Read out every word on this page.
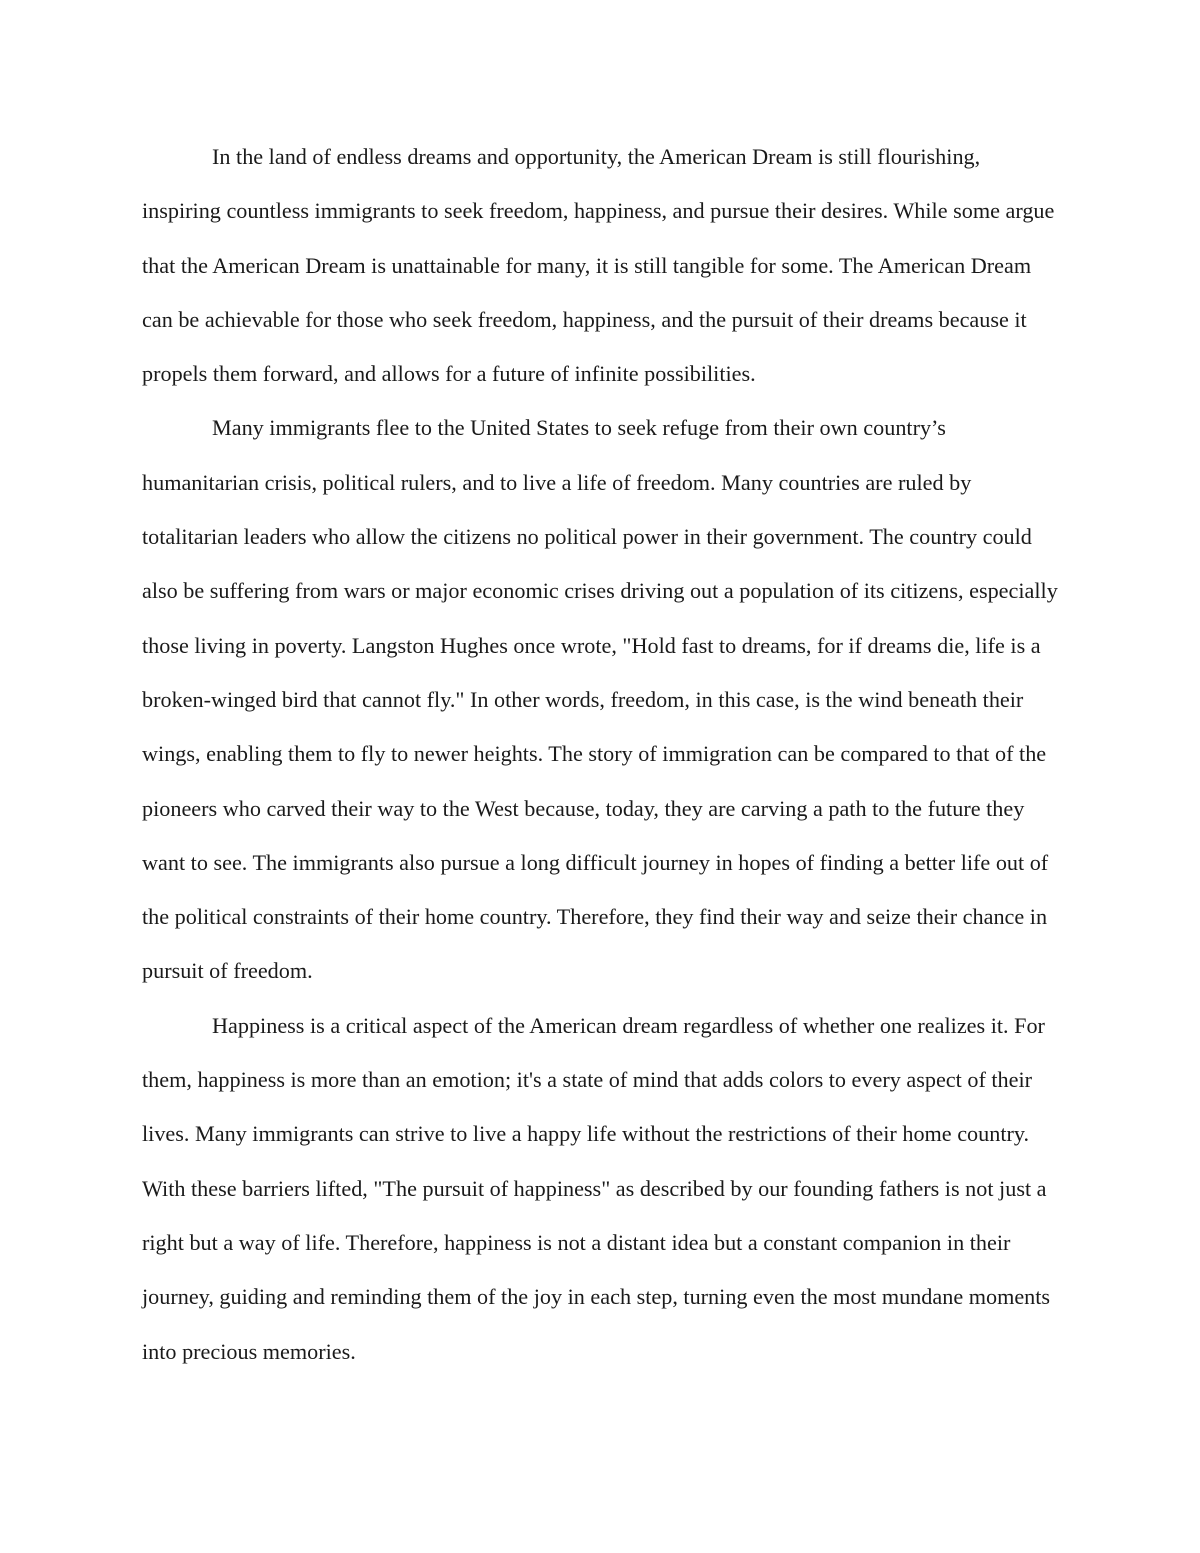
In the land of endless dreams and opportunity, the American Dream is still flourishing, inspiring countless immigrants to seek freedom, happiness, and pursue their desires. While some argue that the American Dream is unattainable for many, it is still tangible for some. The American Dream can be achievable for those who seek freedom, happiness, and the pursuit of their dreams because it propels them forward, and allows for a future of infinite possibilities.

Many immigrants flee to the United States to seek refuge from their own country’s humanitarian crisis, political rulers, and to live a life of freedom. Many countries are ruled by totalitarian leaders who allow the citizens no political power in their government. The country could also be suffering from wars or major economic crises driving out a population of its citizens, especially those living in poverty. Langston Hughes once wrote, "Hold fast to dreams, for if dreams die, life is a broken-winged bird that cannot fly." In other words, freedom, in this case, is the wind beneath their wings, enabling them to fly to newer heights. The story of immigration can be compared to that of the pioneers who carved their way to the West because, today, they are carving a path to the future they want to see. The immigrants also pursue a long difficult journey in hopes of finding a better life out of the political constraints of their home country. Therefore, they find their way and seize their chance in pursuit of freedom.

Happiness is a critical aspect of the American dream regardless of whether one realizes it. For them, happiness is more than an emotion; it's a state of mind that adds colors to every aspect of their lives. Many immigrants can strive to live a happy life without the restrictions of their home country. With these barriers lifted, "The pursuit of happiness" as described by our founding fathers is not just a right but a way of life. Therefore, happiness is not a distant idea but a constant companion in their journey, guiding and reminding them of the joy in each step, turning even the most mundane moments into precious memories.
